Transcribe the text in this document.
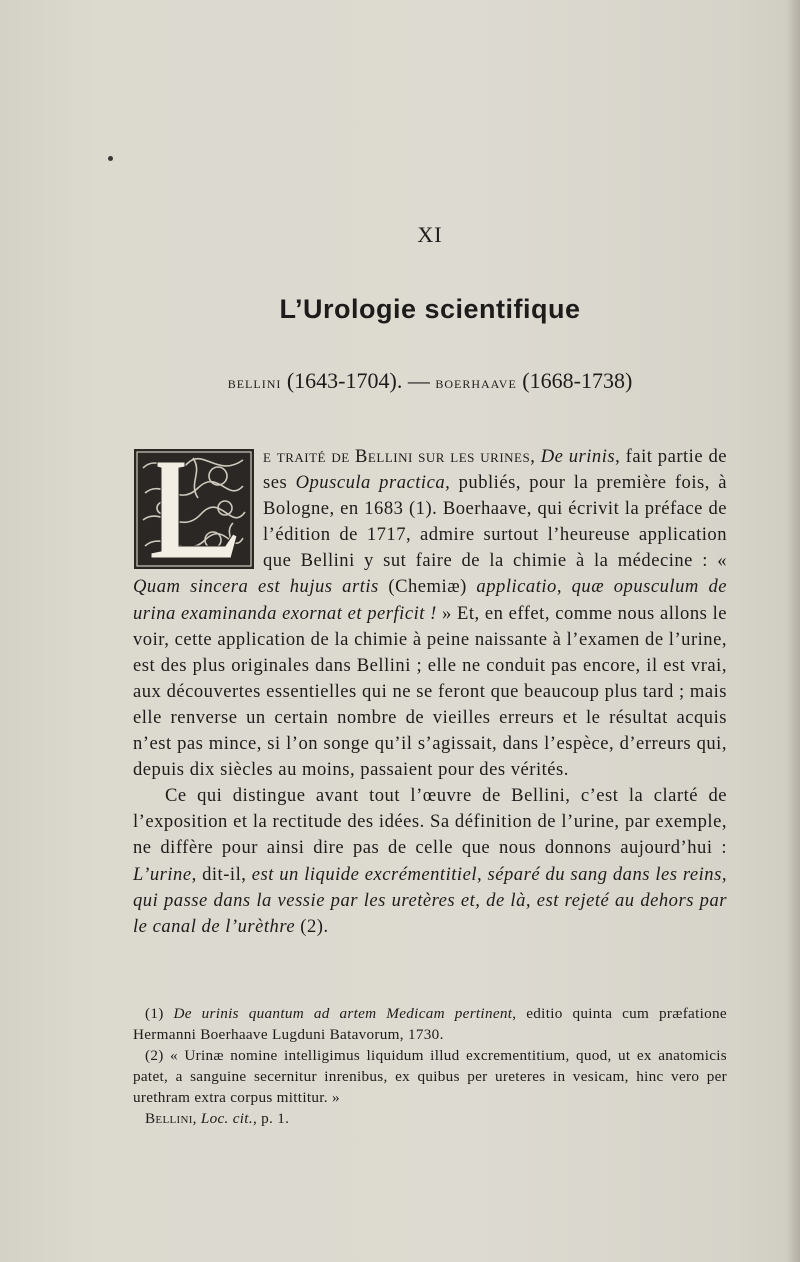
XI
L’Urologie scientifique
bellini (1643-1704). — boerhaave (1668-1738)

e traité de Bellini sur les urines, De urinis, fait partie de ses Opuscula practica, publiés, pour la première fois, à Bologne, en 1683 (1). Boerhaave, qui écrivit la préface de l’édition de 1717, admire surtout l’heureuse application que Bellini y sut faire de la chimie à la médecine : « Quam sincera est hujus artis (Chemiæ) applicatio, quæ opusculum de urina examinanda exornat et perficit ! » Et, en effet, comme nous allons le voir, cette application de la chimie à peine naissante à l’examen de l’urine, est des plus originales dans Bellini ; elle ne conduit pas encore, il est vrai, aux découvertes essentielles qui ne se feront que beaucoup plus tard ; mais elle renverse un certain nombre de vieilles erreurs et le résultat acquis n’est pas mince, si l’on songe qu’il s’agissait, dans l’espèce, d’erreurs qui, depuis dix siècles au moins, passaient pour des vérités.

Ce qui distingue avant tout l’œuvre de Bellini, c’est la clarté de l’exposition et la rectitude des idées. Sa définition de l’urine, par exemple, ne diffère pour ainsi dire pas de celle que nous donnons aujourd’hui : L’urine, dit-il, est un liquide excrémentitiel, séparé du sang dans les reins, qui passe dans la vessie par les uretères et, de là, est rejeté au dehors par le canal de l’urèthre (2).

(1) De urinis quantum ad artem Medicam pertinent, editio quinta cum præfatione Hermanni Boerhaave Lugduni Batavorum, 1730.

(2) « Urinæ nomine intelligimus liquidum illud excrementitium, quod, ut ex anatomicis patet, a sanguine secernitur inrenibus, ex quibus per ureteres in vesicam, hinc vero per urethram extra corpus mittitur. »

Bellini, Loc. cit., p. 1.
